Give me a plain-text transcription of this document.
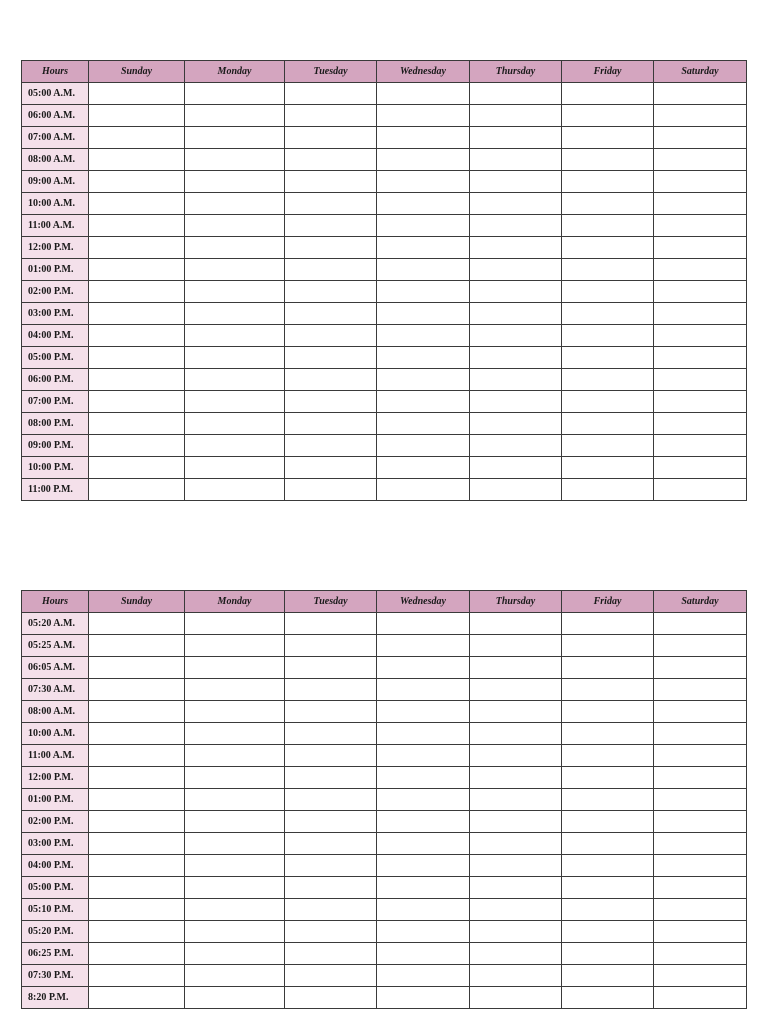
Hours	Sunday	Monday	Tuesday	Wednesday	Thursday	Friday	Saturday
05:00 A.M.							
06:00 A.M.							
07:00 A.M.							
08:00 A.M.							
09:00 A.M.							
10:00 A.M.							
11:00 A.M.							
12:00 P.M.							
01:00 P.M.							
02:00 P.M.							
03:00 P.M.							
04:00 P.M.							
05:00 P.M.							
06:00 P.M.							
07:00 P.M.							
08:00 P.M.							
09:00 P.M.							
10:00 P.M.							
11:00 P.M.							
Hours	Sunday	Monday	Tuesday	Wednesday	Thursday	Friday	Saturday
05:20 A.M.							
05:25 A.M.							
06:05 A.M.							
07:30 A.M.							
08:00 A.M.							
10:00 A.M.							
11:00 A.M.							
12:00 P.M.							
01:00 P.M.							
02:00 P.M.							
03:00 P.M.							
04:00 P.M.							
05:00 P.M.							
05:10 P.M.							
05:20 P.M.							
06:25 P.M.							
07:30 P.M.							
8:20 P.M.							
